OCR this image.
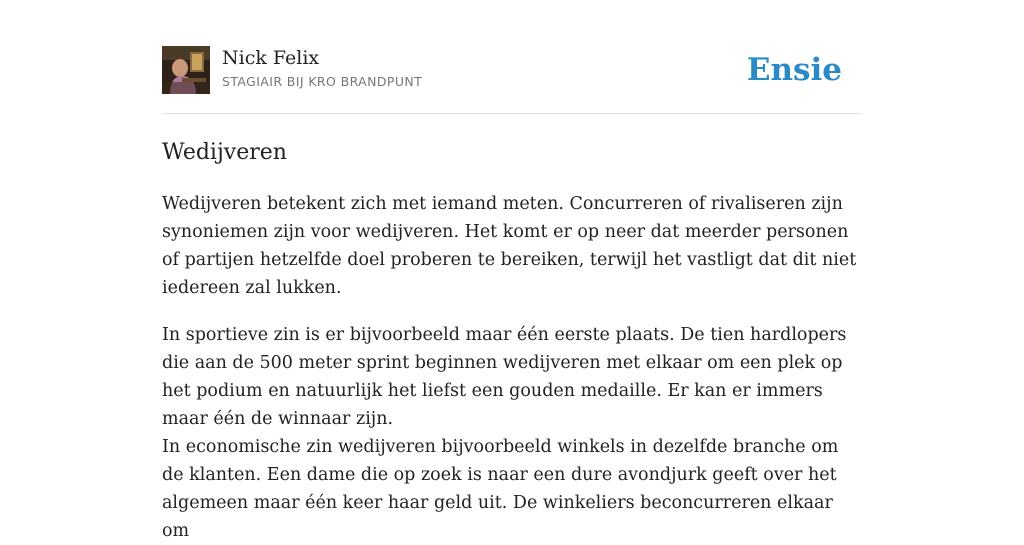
Nick Felix
STAGIAIR BIJ KRO BRANDPUNT	Ensie
Wedijveren

Wedijveren betekent zich met iemand meten. Concurreren of rivaliseren zijn synoniemen zijn voor wedijveren. Het komt er op neer dat meerder personen of partijen hetzelfde doel proberen te bereiken, terwijl het vastligt dat dit niet iedereen zal lukken.

In sportieve zin is er bijvoorbeeld maar één eerste plaats. De tien hardlopers die aan de 500 meter sprint beginnen wedijveren met elkaar om een plek op het podium en natuurlijk het liefst een gouden medaille. Er kan er immers maar één de winnaar zijn.

In economische zin wedijveren bijvoorbeeld winkels in dezelfde branche om de klanten. Een dame die op zoek is naar een dure avondjurk geeft over het algemeen maar één keer haar geld uit. De winkeliers beconcurreren elkaar om
